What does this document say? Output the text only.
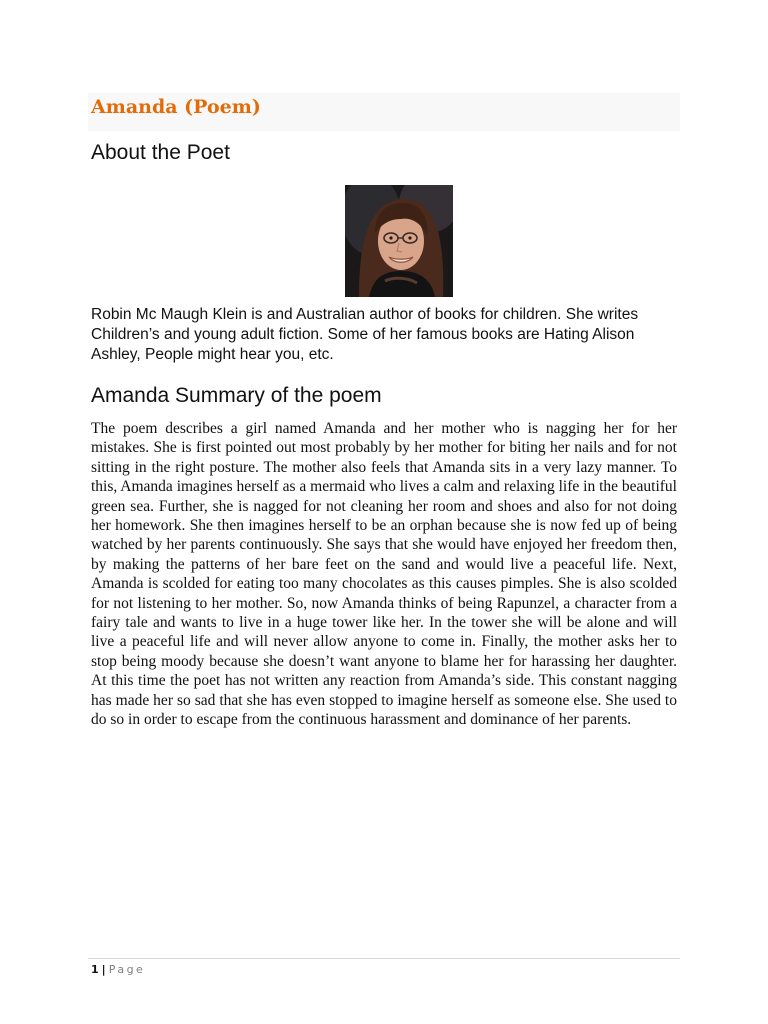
Amanda (Poem)
About the Poet

Robin Mc Maugh Klein is and Australian author of books for children. She writes Children’s and young adult fiction. Some of her famous books are Hating Alison Ashley, People might hear you, etc.

Amanda Summary of the poem

The poem describes a girl named Amanda and her mother who is nagging her for her mistakes. She is first pointed out most probably by her mother for biting her nails and for not sitting in the right posture. The mother also feels that Amanda sits in a very lazy manner. To this, Amanda imagines herself as a mermaid who lives a calm and relaxing life in the beautiful green sea. Further, she is nagged for not cleaning her room and shoes and also for not doing her homework. She then imagines herself to be an orphan because she is now fed up of being watched by her parents continuously. She says that she would have enjoyed her freedom then, by making the patterns of her bare feet on the sand and would live a peaceful life. Next, Amanda is scolded for eating too many chocolates as this causes pimples. She is also scolded for not listening to her mother. So, now Amanda thinks of being Rapunzel, a character from a fairy tale and wants to live in a huge tower like her. In the tower she will be alone and will live a peaceful life and will never allow anyone to come in. Finally, the mother asks her to stop being moody because she doesn’t want anyone to blame her for harassing her daughter. At this time the poet has not written any reaction from Amanda’s side. This constant nagging has made her so sad that she has even stopped to imagine herself as someone else. She used to do so in order to escape from the continuous harassment and dominance of her parents.

1 | Page
